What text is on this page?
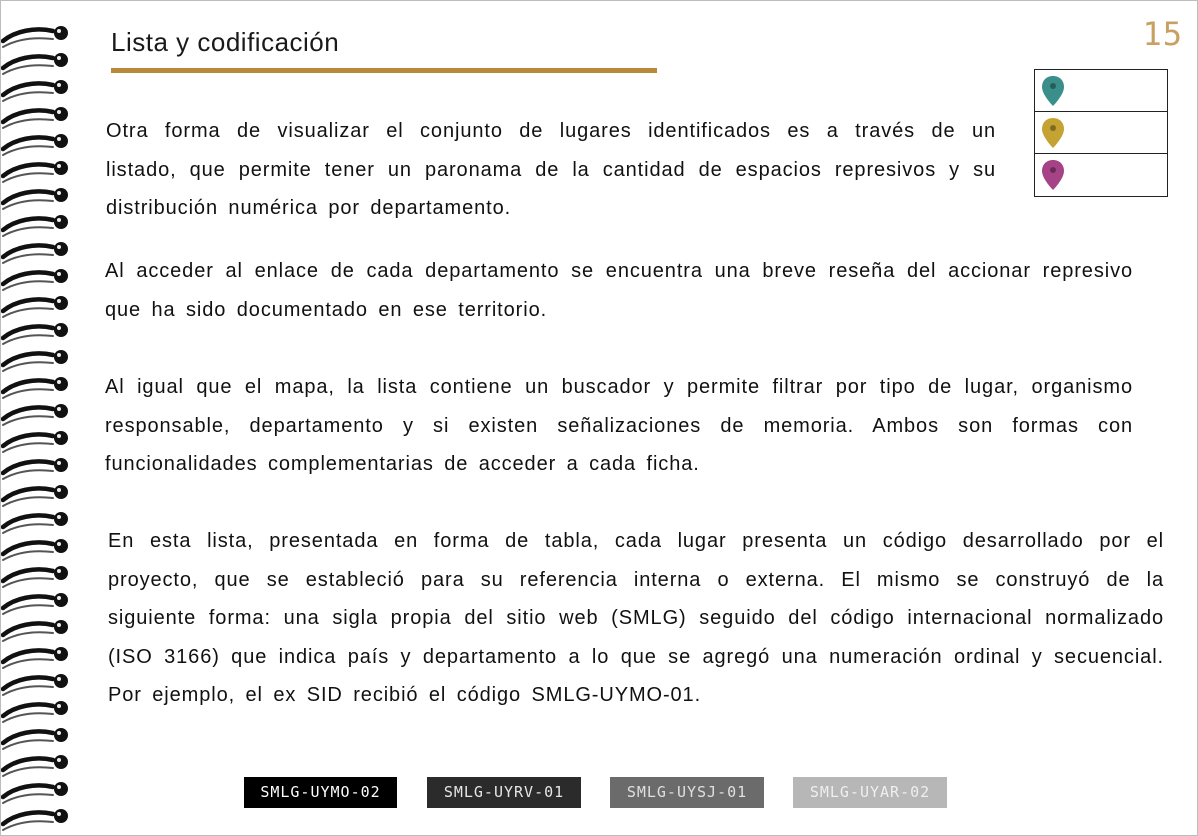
15
Lista y codificación

Otra forma de visualizar el conjunto de lugares identificados es a través de un listado, que permite tener un paronama de la cantidad de espacios represivos y su distribución numérica por departamento.

Al acceder al enlace de cada departamento se encuentra una breve reseña del accionar represivo que ha sido documentado en ese territorio.

Al igual que el mapa, la lista contiene un buscador y permite filtrar por tipo de lugar, organismo responsable, departamento y si existen señalizaciones de memoria. Ambos son formas con funcionalidades complementarias de acceder a cada ficha.

En esta lista, presentada en forma de tabla, cada lugar presenta un código desarrollado por el proyecto, que se estableció para su referencia interna o externa. El mismo se construyó de la siguiente forma: una sigla propia del sitio web (SMLG) seguido del código internacional normalizado (ISO 3166) que indica país y departamento a lo que se agregó una numeración ordinal y secuencial. Por ejemplo, el ex SID recibió el código SMLG-UYMO-01.

SMLG-UYMO-02	SMLG-UYRV-01	SMLG-UYSJ-01	SMLG-UYAR-02
